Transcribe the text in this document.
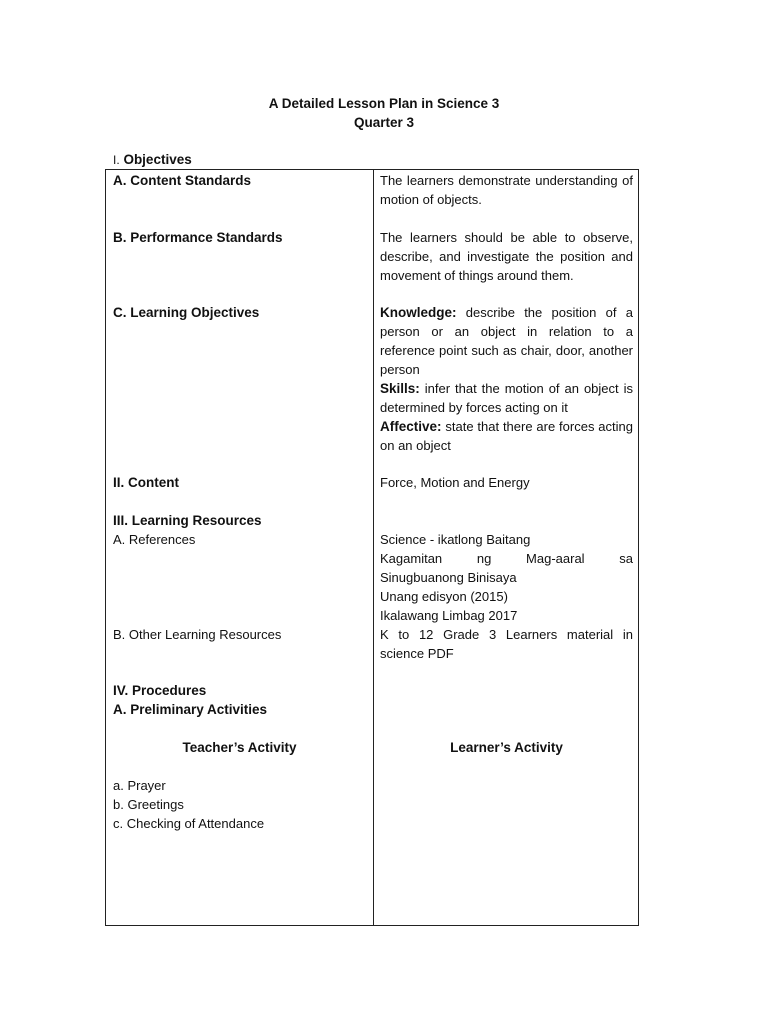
A Detailed Lesson Plan in Science 3
Quarter 3
I. Objectives
A. Content Standards	The learners demonstrate understanding of motion of objects.
B. Performance Standards	The learners should be able to observe, describe, and investigate the position and movement of things around them.
C. Learning Objectives	Knowledge: describe the position of a person or an object in relation to a reference point such as chair, door, another person
Skills: infer that the motion of an object is determined by forces acting on it
Affective: state that there are forces acting on an object
II. Content	Force, Motion and Energy
III. Learning Resources
A. References	Science - ikatlong Baitang
Kagamitan ng Mag-aaral sa
Sinugbuanong Binisaya
Unang edisyon (2015)
Ikalawang Limbag 2017
B. Other Learning Resources	K to 12 Grade 3 Learners material in science PDF
IV. Procedures
A. Preliminary Activities
Teacher’s Activity	Learner’s Activity
a. Prayer
b. Greetings
c. Checking of Attendance
